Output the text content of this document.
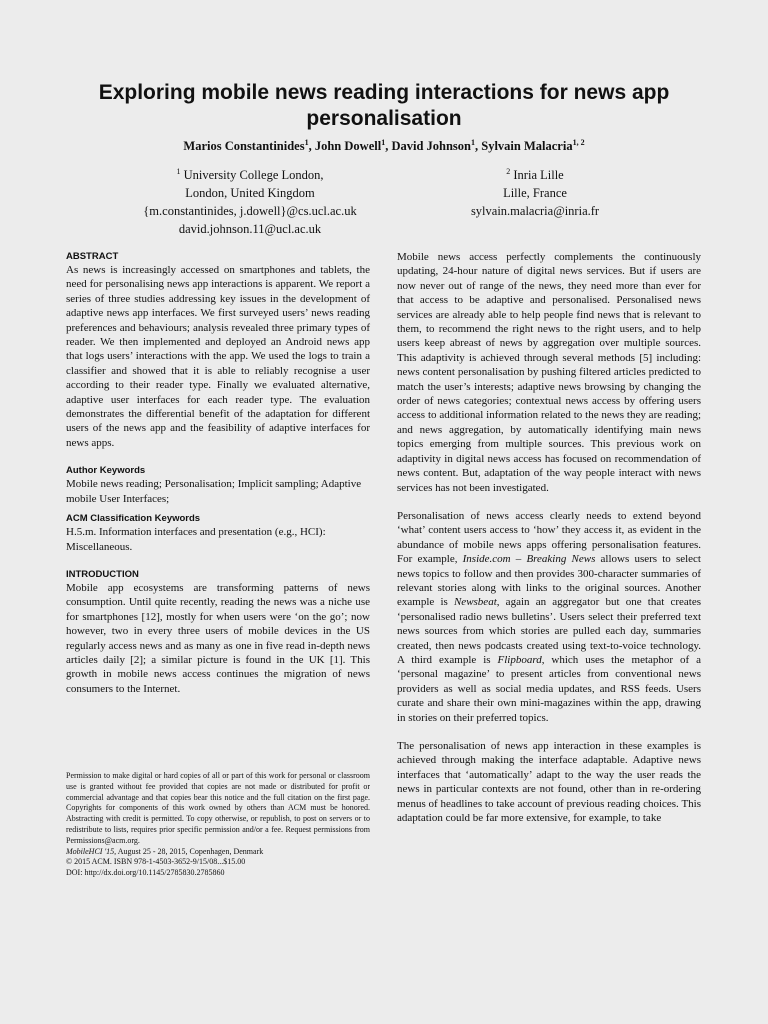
Exploring mobile news reading interactions for news app personalisation
Marios Constantinides$^1$, John Dowell$^1$, David Johnson$^1$, Sylvain Malacria$^{1, 2}$
$^1$ University College London,
London, United Kingdom
{m.constantinides, j.dowell}@cs.ucl.ac.uk
david.johnson.11@ucl.ac.uk
$^2$ Inria Lille
Lille, France
sylvain.malacria@inria.fr
ABSTRACT

As news is increasingly accessed on smartphones and tablets, the need for personalising news app interactions is apparent. We report a series of three studies addressing key issues in the development of adaptive news app interfaces. We first surveyed users’ news reading preferences and behaviours; analysis revealed three primary types of reader. We then implemented and deployed an Android news app that logs users’ interactions with the app. We used the logs to train a classifier and showed that it is able to reliably recognise a user according to their reader type. Finally we evaluated alternative, adaptive user interfaces for each reader type. The evaluation demonstrates the differential benefit of the adaptation for different users of the news app and the feasibility of adaptive interfaces for news apps.

Author Keywords

Mobile news reading; Personalisation; Implicit sampling; Adaptive mobile User Interfaces;

ACM Classification Keywords

H.5.m. Information interfaces and presentation (e.g., HCI): Miscellaneous.

INTRODUCTION

Mobile app ecosystems are transforming patterns of news consumption. Until quite recently, reading the news was a niche use for smartphones [12], mostly for when users were ‘on the go’; now however, two in every three users of mobile devices in the US regularly access news and as many as one in five read in-depth news articles daily [2]; a similar picture is found in the UK [1]. This growth in mobile news access continues the migration of news consumers to the Internet.

Permission to make digital or hard copies of all or part of this work for personal or classroom use is granted without fee provided that copies are not made or distributed for profit or commercial advantage and that copies bear this notice and the full citation on the first page. Copyrights for components of this work owned by others than ACM must be honored. Abstracting with credit is permitted. To copy otherwise, or republish, to post on servers or to redistribute to lists, requires prior specific permission and/or a fee. Request permissions from Permissions@acm.org.
MobileHCI '15, August 25 - 28, 2015, Copenhagen, Denmark
© 2015 ACM. ISBN 978-1-4503-3652-9/15/08...$15.00
DOI: http://dx.doi.org/10.1145/2785830.2785860

Mobile news access perfectly complements the continuously updating, 24-hour nature of digital news services. But if users are now never out of range of the news, they need more than ever for that access to be adaptive and personalised. Personalised news services are already able to help people find news that is relevant to them, to recommend the right news to the right users, and to help users keep abreast of news by aggregation over multiple sources. This adaptivity is achieved through several methods [5] including: news content personalisation by pushing filtered articles predicted to match the user’s interests; adaptive news browsing by changing the order of news categories; contextual news access by offering users access to additional information related to the news they are reading; and news aggregation, by automatically identifying main news topics emerging from multiple sources. This previous work on adaptivity in digital news access has focused on recommendation of news content. But, adaptation of the way people interact with news services has not been investigated.

Personalisation of news access clearly needs to extend beyond ‘what’ content users access to ‘how’ they access it, as evident in the abundance of mobile news apps offering personalisation features. For example, Inside.com – Breaking News allows users to select news topics to follow and then provides 300-character summaries of relevant stories along with links to the original sources. Another example is Newsbeat, again an aggregator but one that creates ‘personalised radio news bulletins’. Users select their preferred text news sources from which stories are pulled each day, summaries created, then news podcasts created using text-to-voice technology. A third example is Flipboard, which uses the metaphor of a ‘personal magazine’ to present articles from conventional news providers as well as social media updates, and RSS feeds. Users curate and share their own mini-magazines within the app, drawing in stories on their preferred topics.

The personalisation of news app interaction in these examples is achieved through making the interface adaptable. Adaptive news interfaces that ‘automatically’ adapt to the way the user reads the news in particular contexts are not found, other than in re-ordering menus of headlines to take account of previous reading choices. This adaptation could be far more extensive, for example, to take
